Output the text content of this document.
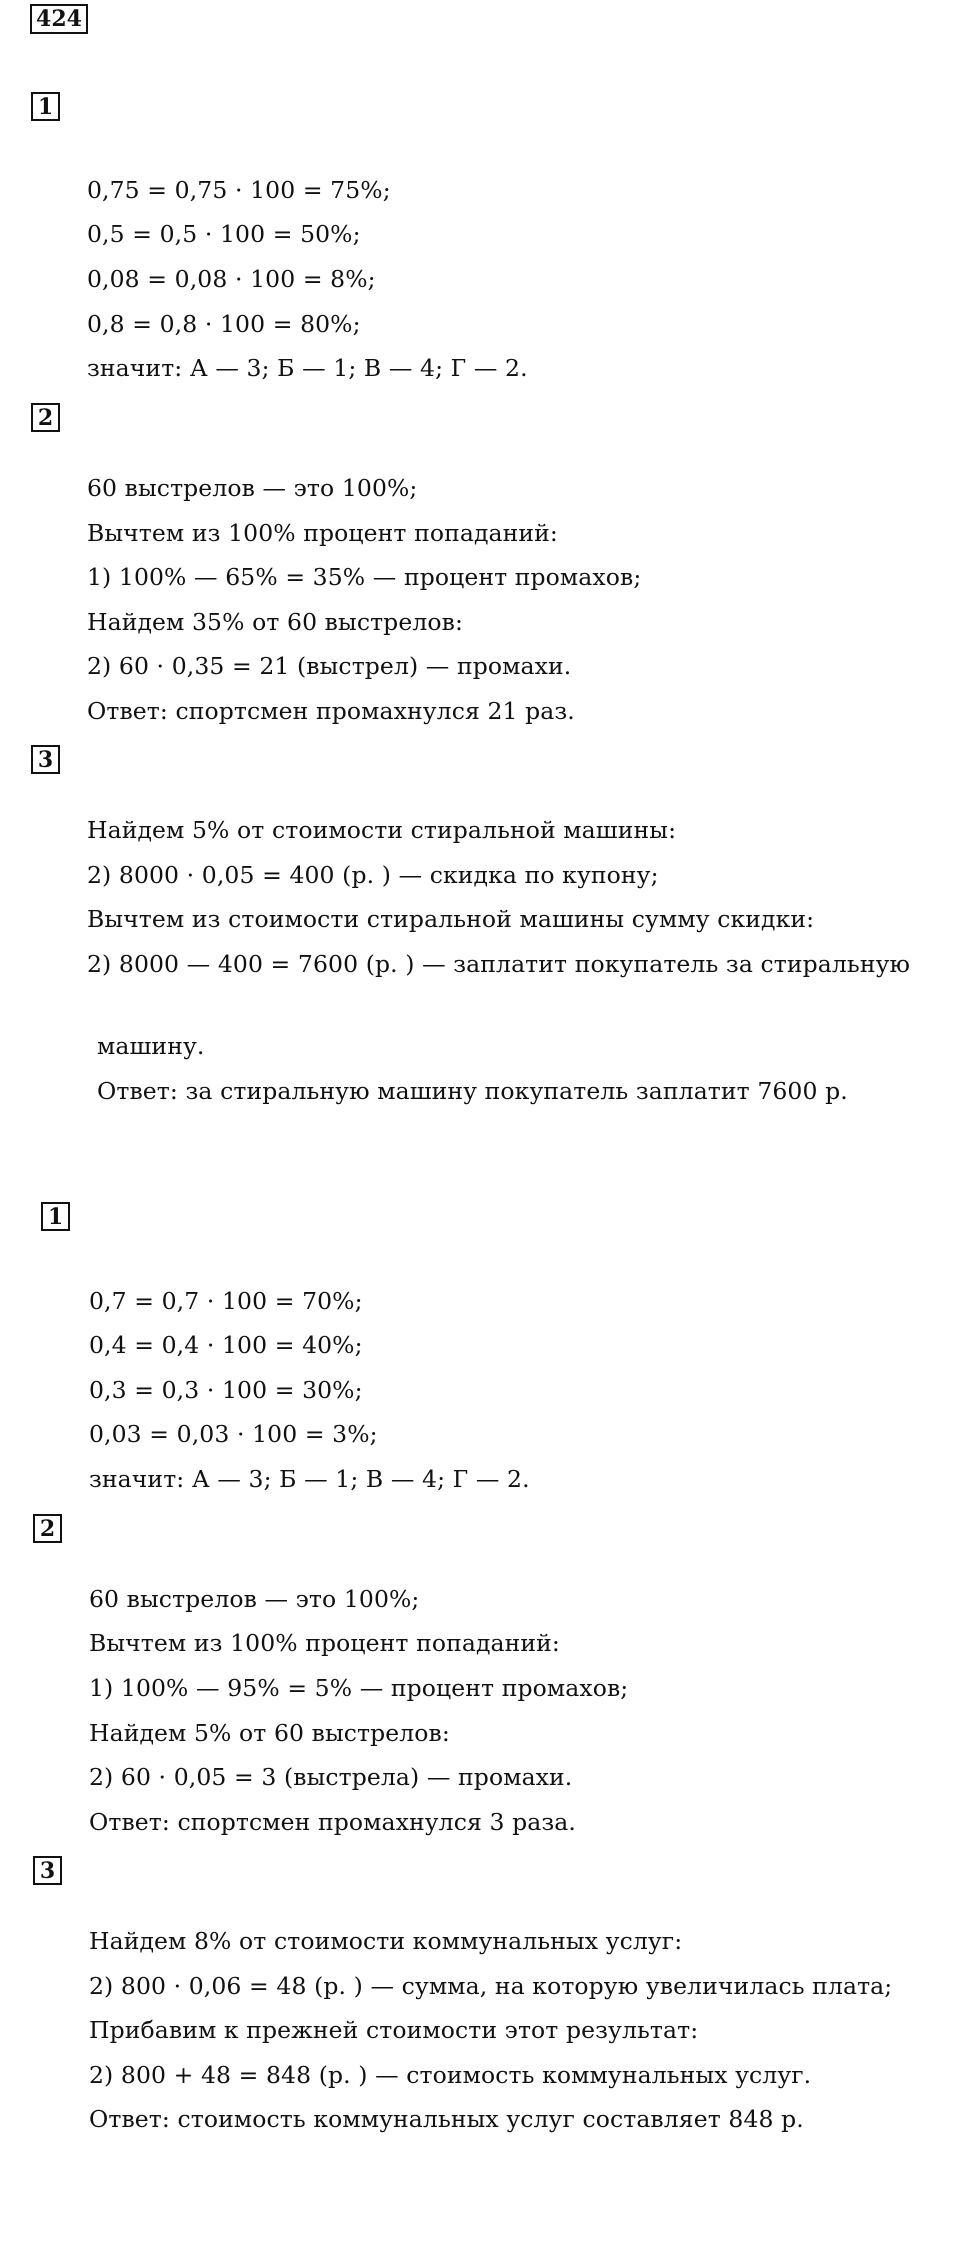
424
1
0,75 = 0,75 · 100 = 75%;
0,5 = 0,5 · 100 = 50%;
0,08 = 0,08 · 100 = 8%;
0,8 = 0,8 · 100 = 80%;
значит: А — 3; Б — 1; В — 4; Г — 2.
2
60 выстрелов — это 100%;
Вычтем из 100% процент попаданий:
1) 100% — 65% = 35% — процент промахов;
Найдем 35% от 60 выстрелов:
2) 60 · 0,35 = 21 (выстрел) — промахи.
Ответ: спортсмен промахнулся 21 раз.
3
Найдем 5% от стоимости стиральной машины:
2) 8000 · 0,05 = 400 (р. ) — скидка по купону;
Вычтем из стоимости стиральной машины сумму скидки:
2) 8000 — 400 = 7600 (р. ) — заплатит покупатель за стиральную
машину.
Ответ: за стиральную машину покупатель заплатит 7600 р.
1
0,7 = 0,7 · 100 = 70%;
0,4 = 0,4 · 100 = 40%;
0,3 = 0,3 · 100 = 30%;
0,03 = 0,03 · 100 = 3%;
значит: А — 3; Б — 1; В — 4; Г — 2.
2
60 выстрелов — это 100%;
Вычтем из 100% процент попаданий:
1) 100% — 95% = 5% — процент промахов;
Найдем 5% от 60 выстрелов:
2) 60 · 0,05 = 3 (выстрела) — промахи.
Ответ: спортсмен промахнулся 3 раза.
3
Найдем 8% от стоимости коммунальных услуг:
2) 800 · 0,06 = 48 (р. ) — сумма, на которую увеличилась плата;
Прибавим к прежней стоимости этот результат:
2) 800 + 48 = 848 (р. ) — стоимость коммунальных услуг.
Ответ: стоимость коммунальных услуг составляет 848 р.
